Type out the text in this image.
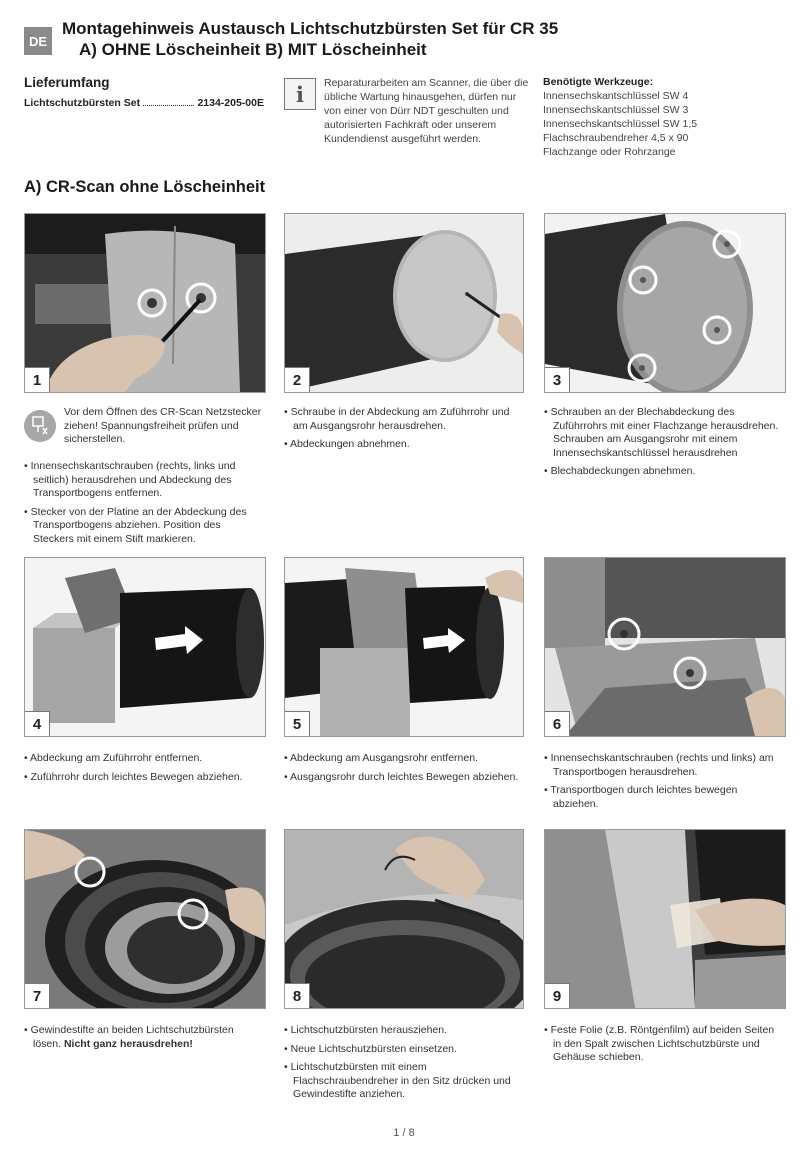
DE
Montagehinweis Austausch Lichtschutzbürsten Set für CR 35
A) OHNE Löscheinheit B) MIT Löscheinheit
Lieferumfang
Lichtschutzbürsten Set	2134-205-00E	i	Reparaturarbeiten am Scanner, die über die übliche Wartung hinausgehen, dürfen nur von einer von Dürr NDT geschulten und autorisierten Fachkraft oder unserem Kundendienst ausgeführt werden.
Benötigte Werkzeuge:
Innensechskantschlüssel SW 4
Innensechskantschlüssel SW 3
Innensechskantschlüssel SW 1,5
Flachschraubendreher 4,5 x 90
Flachzange oder Rohrzange
A) CR-Scan ohne Löscheinheit
1	2	3
Vor dem Öffnen des CR-Scan Netzstecker ziehen! Spannungsfreiheit prüfen und sicherstellen.

• Innensechskantschrauben (rechts, links und seitlich) herausdrehen und Abdeckung des Transportbogens entfernen.

• Stecker von der Platine an der Abdeckung des Transportbogens abziehen. Position des Steckers mit einem Stift markieren.

• Schraube in der Abdeckung am Zuführrohr und am Ausgangsrohr herausdrehen.

• Abdeckungen abnehmen.

• Schrauben an der Blechabdeckung des Zuführrohrs mit einer Flachzange herausdrehen. Schrauben am Ausgangsrohr mit einem Innensechskantschlüssel herausdrehen

• Blechabdeckungen abnehmen.

4	5	6

• Abdeckung am Zuführrohr entfernen.

• Zuführrohr durch leichtes Bewegen abziehen.

• Abdeckung am Ausgangsrohr entfernen.

• Ausgangsrohr durch leichtes Bewegen abziehen.

• Innensechskantschrauben (rechts und links) am Transportbogen herausdrehen.

• Transportbogen durch leichtes bewegen abziehen.

7	8	9

• Gewindestifte an beiden Lichtschutzbürsten lösen. Nicht ganz herausdrehen!

• Lichtschutzbürsten herausziehen.

• Neue Lichtschutzbürsten einsetzen.

• Lichtschutzbürsten mit einem Flachschraubendreher in den Sitz drücken und Gewindestifte anziehen.

• Feste Folie (z.B. Röntgenfilm) auf beiden Seiten in den Spalt zwischen Lichtschutzbürste und Gehäuse schieben.

1 / 8
